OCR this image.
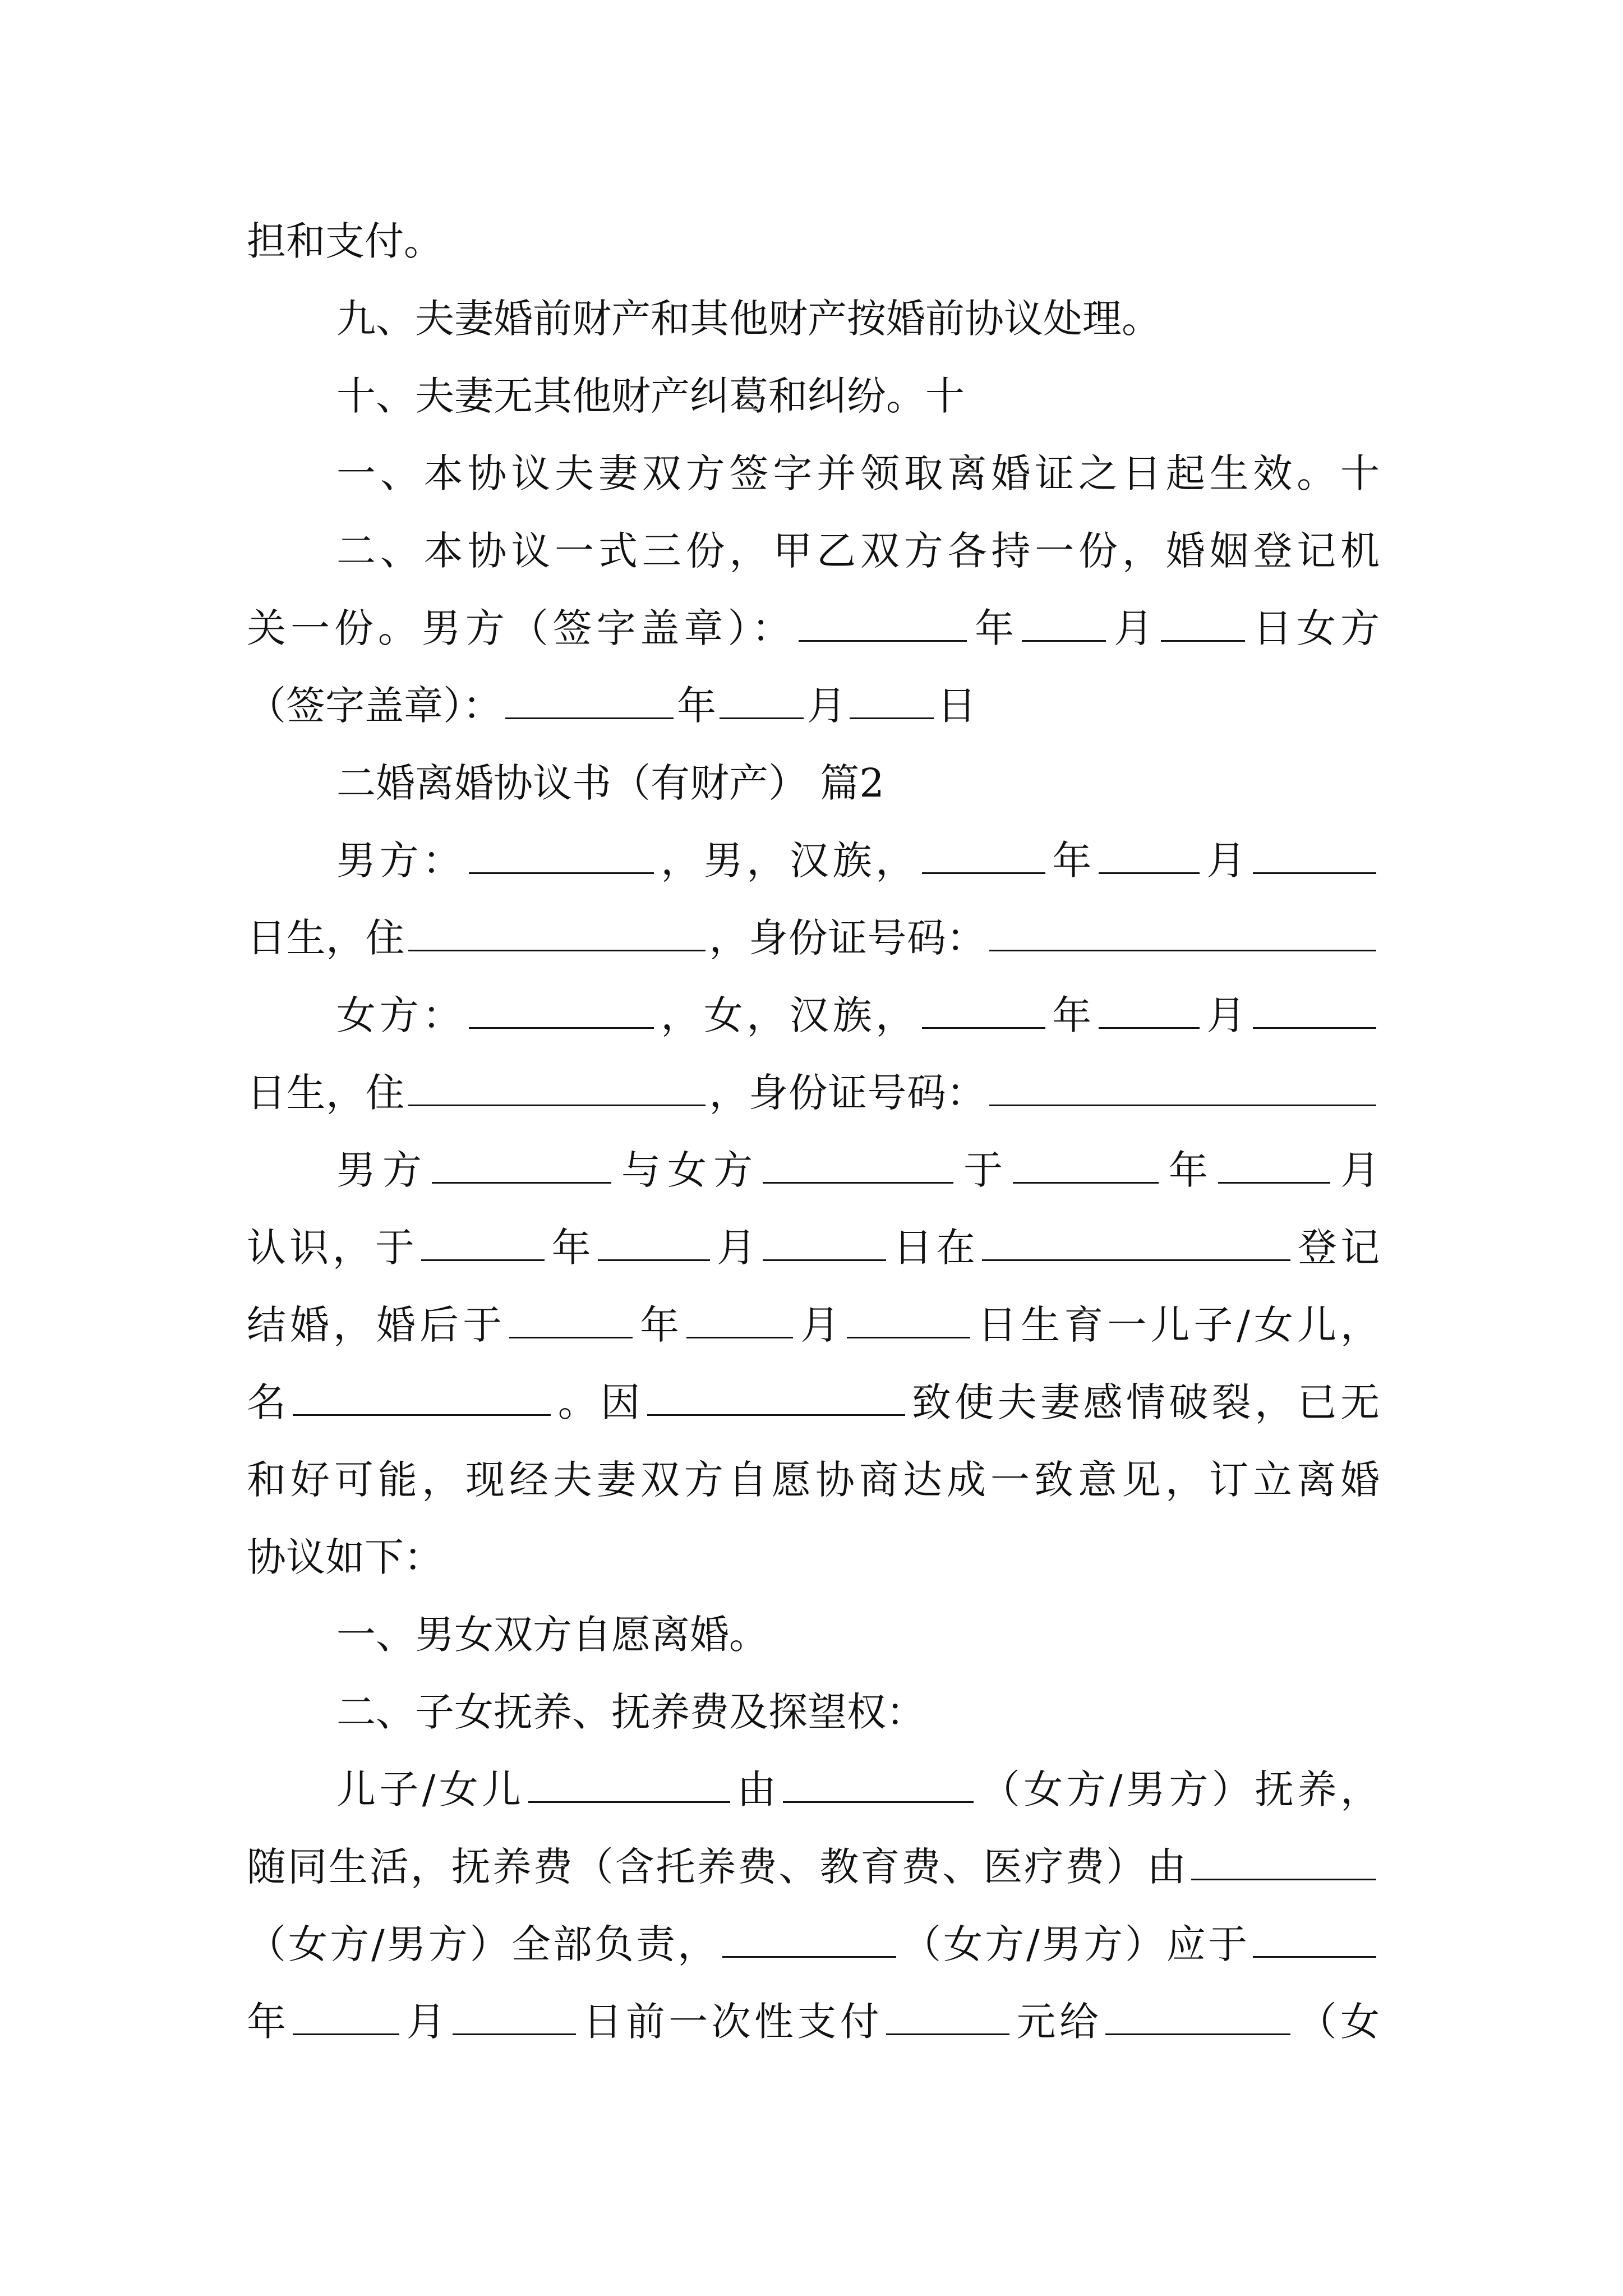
担和支付。
九、夫妻婚前财产和其他财产按婚前协议处理。
十、夫妻无其他财产纠葛和纠纷。十
一、本协议夫妻双方签字并领取离婚证之日起生效。十
二、本协议一式三份，甲乙双方各持一份，婚姻登记机
关一份。男方（签字盖章）：	年 月 日女方
（签字盖章）：	年 月 日
二婚离婚协议书（有财产） 篇2
男方：	，男，汉族，	年	月
日生，住	，身份证号码：
女方：	，女，汉族，	年	月
日生，住	，身份证号码：
男方	与女方	于	年	月
认识，于	年	月	日在	登记
结婚，婚后于	年	月	日生育一儿子/女儿，
名	。因	致使夫妻感情破裂，已无
和好可能，现经夫妻双方自愿协商达成一致意见，订立离婚
协议如下：
一、男女双方自愿离婚。
二、子女抚养、抚养费及探望权：
儿子/女儿	由	（女方/男方）抚养，
随同生活，抚养费（含托养费、教育费、医疗费）由
（女方/男方）全部负责，	（女方/男方）应于
年	月	日前一次性支付	元给	（女
